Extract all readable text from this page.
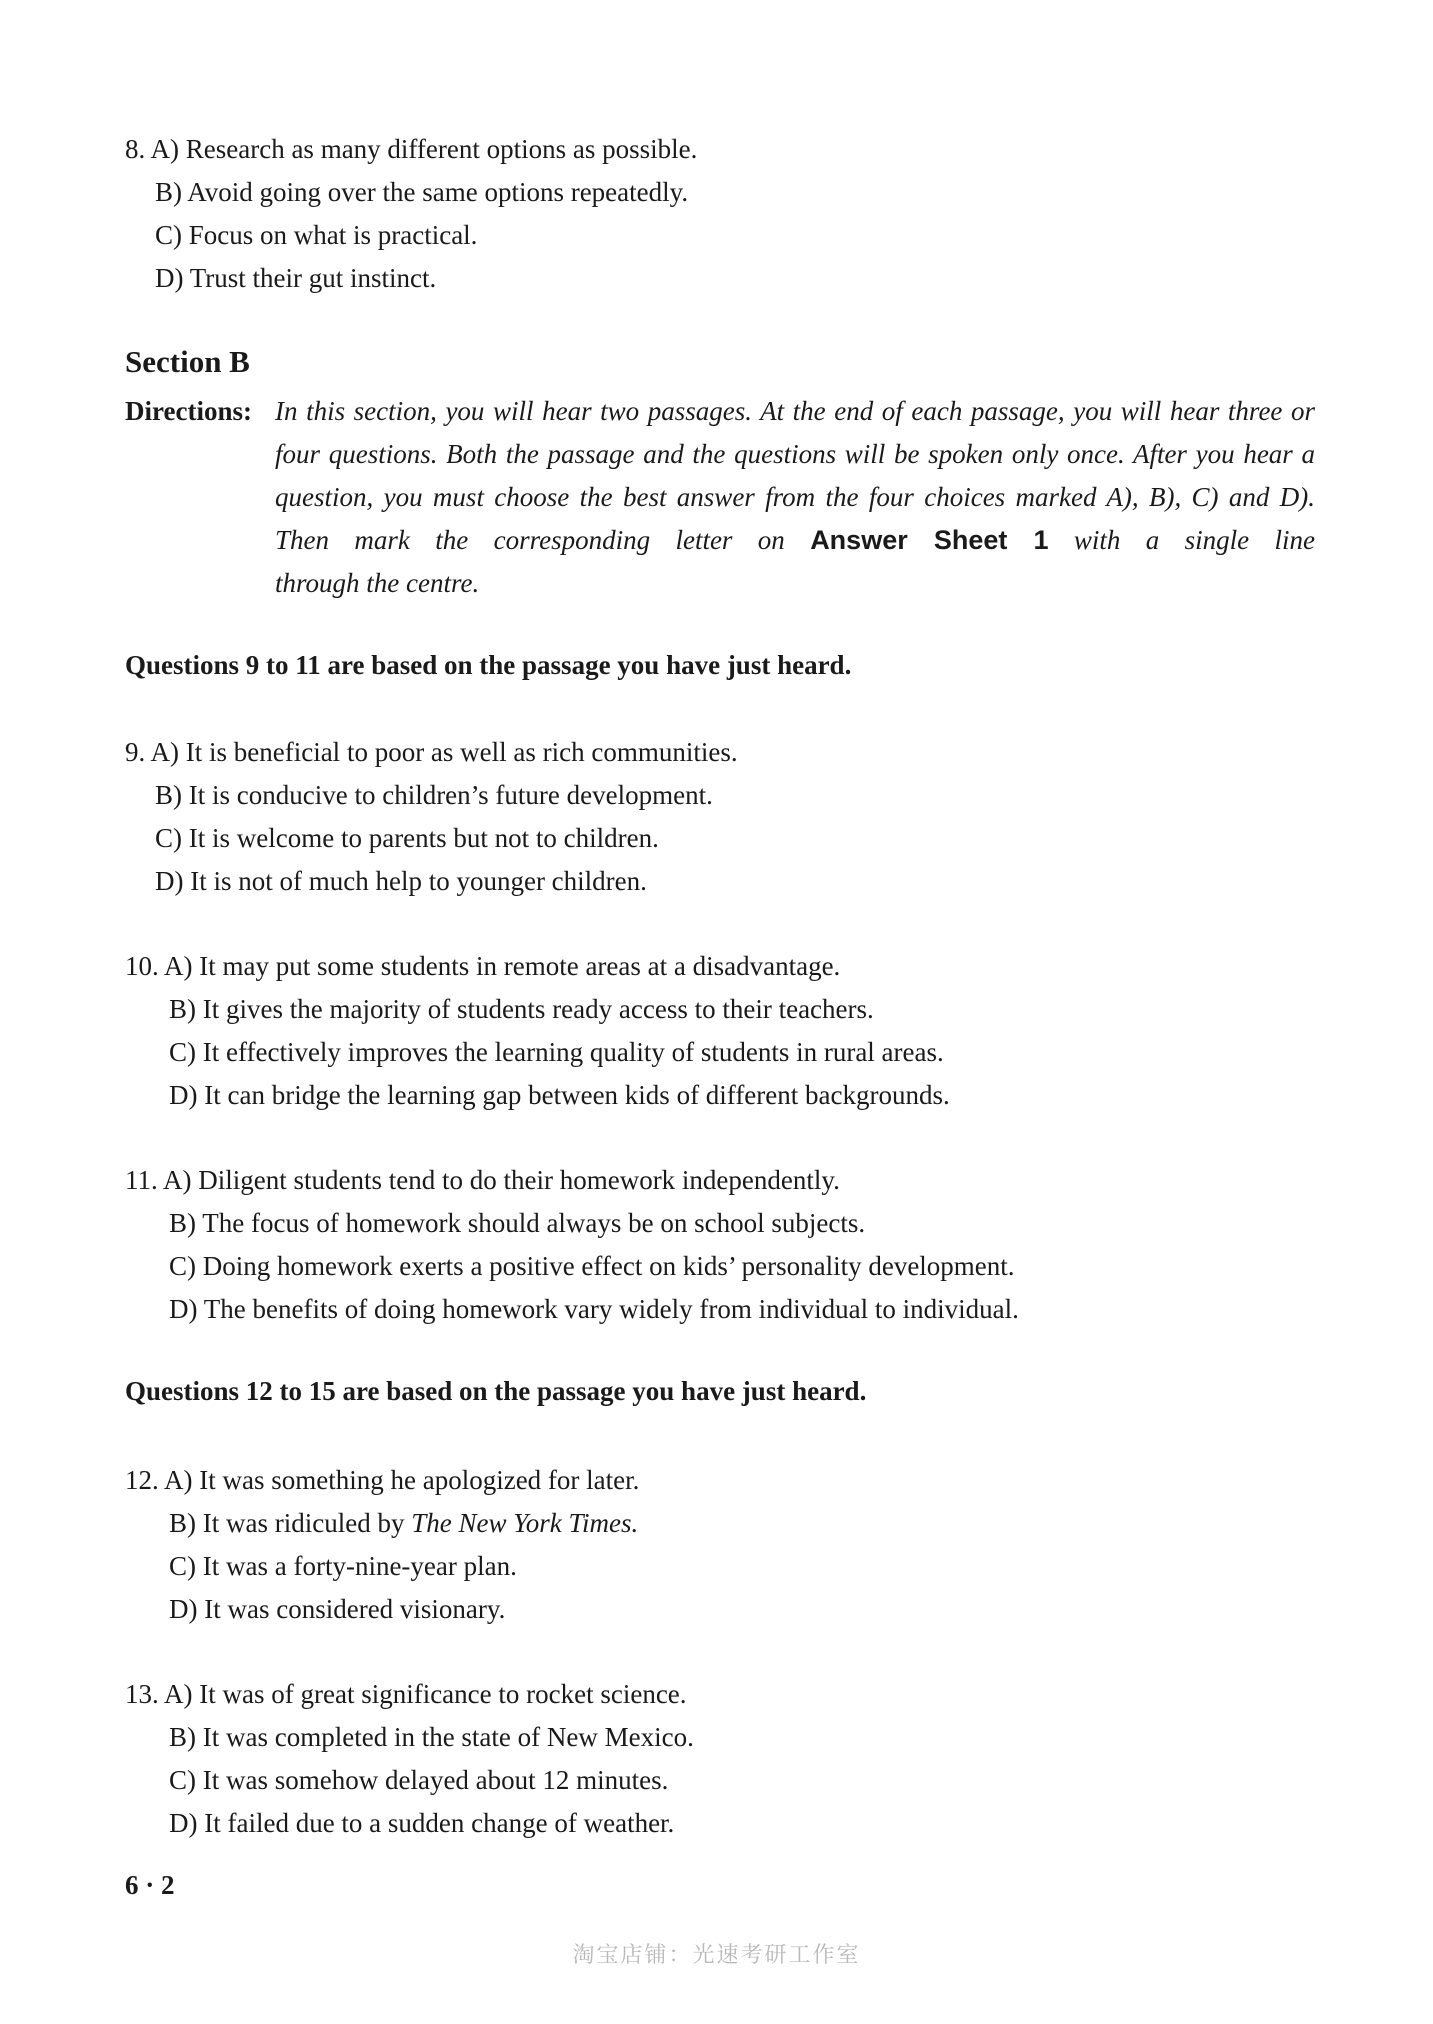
8. A) Research as many different options as possible.
B) Avoid going over the same options repeatedly.
C) Focus on what is practical.
D) Trust their gut instinct.
Section B
Directions: In this section, you will hear two passages. At the end of each passage, you will hear three or four questions. Both the passage and the questions will be spoken only once. After you hear a question, you must choose the best answer from the four choices marked A), B), C) and D). Then mark the corresponding letter on Answer Sheet 1 with a single line
through the centre.
Questions 9 to 11 are based on the passage you have just heard.
9. A) It is beneficial to poor as well as rich communities.
B) It is conducive to children’s future development.
C) It is welcome to parents but not to children.
D) It is not of much help to younger children.
10. A) It may put some students in remote areas at a disadvantage.
B) It gives the majority of students ready access to their teachers.
C) It effectively improves the learning quality of students in rural areas.
D) It can bridge the learning gap between kids of different backgrounds.
11. A) Diligent students tend to do their homework independently.
B) The focus of homework should always be on school subjects.
C) Doing homework exerts a positive effect on kids’ personality development.
D) The benefits of doing homework vary widely from individual to individual.
Questions 12 to 15 are based on the passage you have just heard.
12. A) It was something he apologized for later.
B) It was ridiculed by The New York Times.
C) It was a forty-nine-year plan.
D) It was considered visionary.
13. A) It was of great significance to rocket science.
B) It was completed in the state of New Mexico.
C) It was somehow delayed about 12 minutes.
D) It failed due to a sudden change of weather.
6 · 2
淘宝店铺：光速考研工作室
